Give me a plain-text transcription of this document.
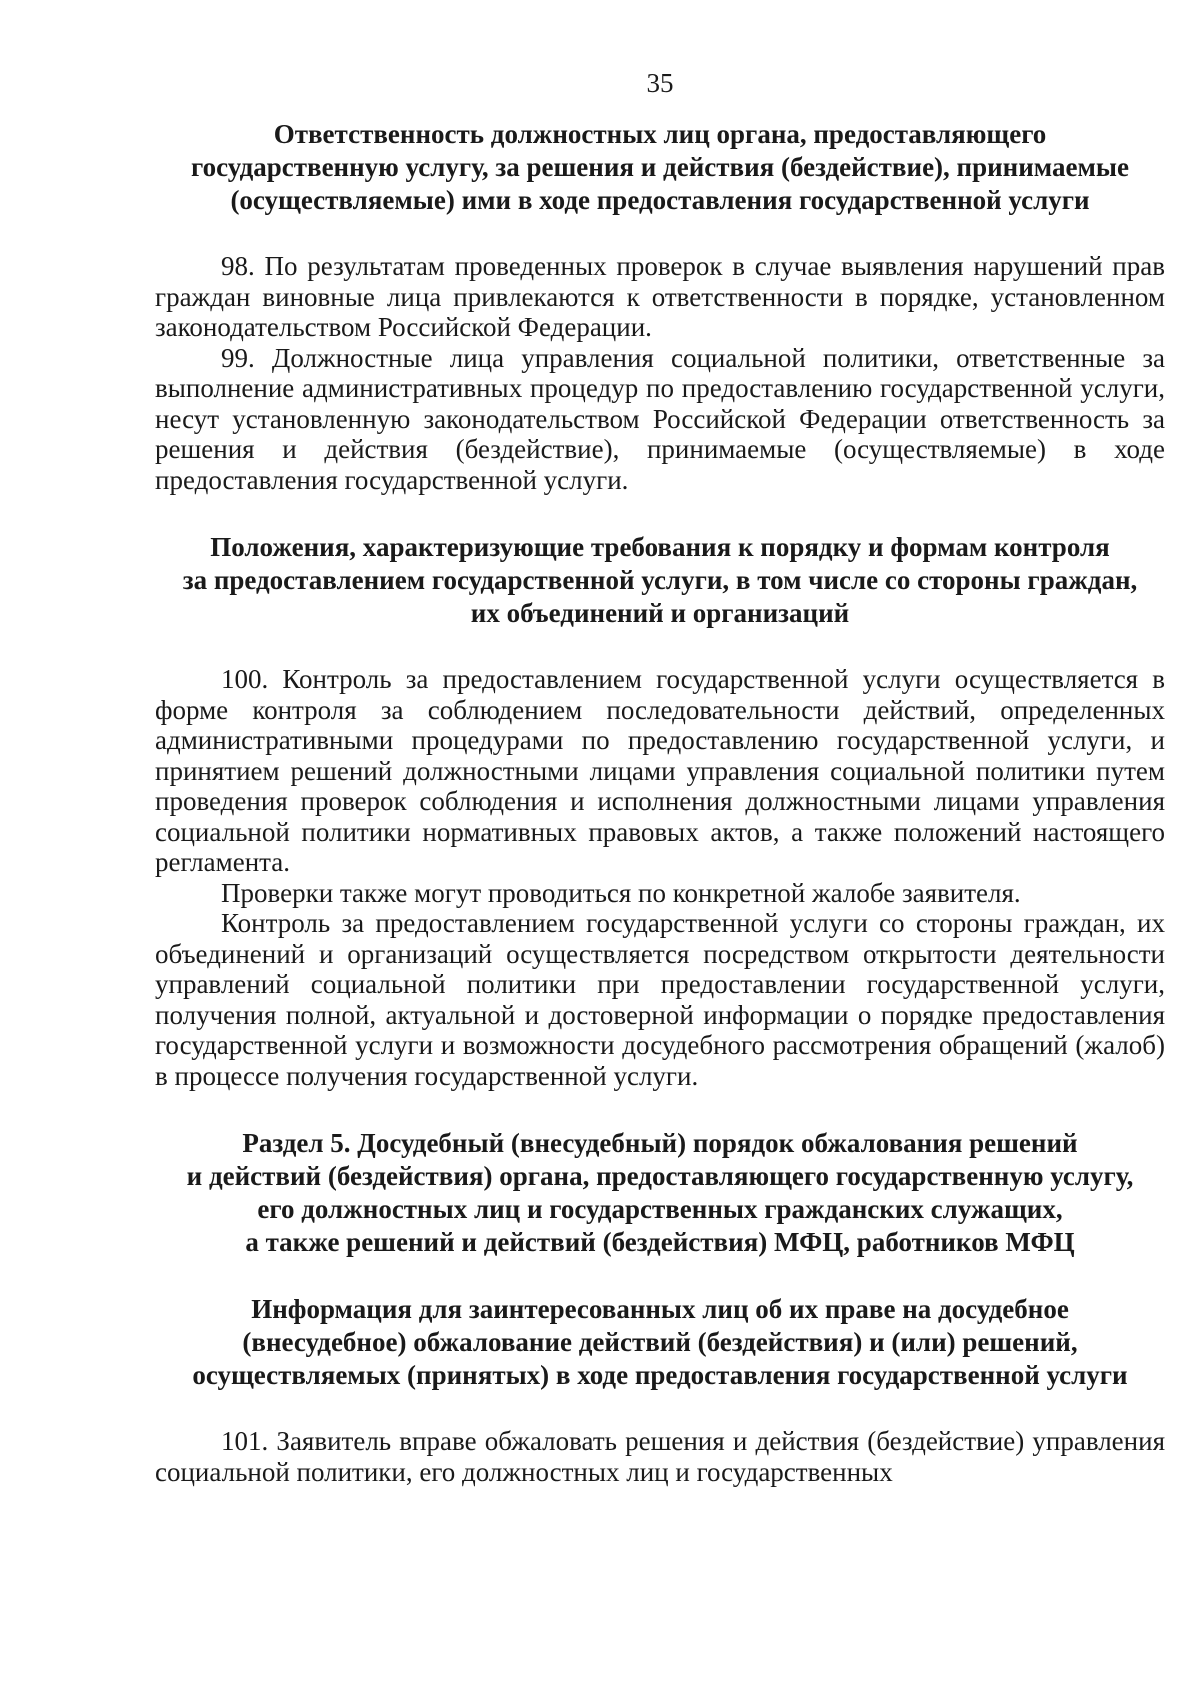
35
Ответственность должностных лиц органа, предоставляющего
государственную услугу, за решения и действия (бездействие), принимаемые
(осуществляемые) ими в ходе предоставления государственной услуги

98. По результатам проведенных проверок в случае выявления нарушений прав граждан виновные лица привлекаются к ответственности в порядке, установленном законодательством Российской Федерации.

99. Должностные лица управления социальной политики, ответственные за выполнение административных процедур по предоставлению государственной услуги, несут установленную законодательством Российской Федерации ответственность за решения и действия (бездействие), принимаемые (осуществляемые) в ходе предоставления государственной услуги.

Положения, характеризующие требования к порядку и формам контроля
за предоставлением государственной услуги, в том числе со стороны граждан,
их объединений и организаций

100. Контроль за предоставлением государственной услуги осуществляется в форме контроля за соблюдением последовательности действий, определенных административными процедурами по предоставлению государственной услуги, и принятием решений должностными лицами управления социальной политики путем проведения проверок соблюдения и исполнения должностными лицами управления социальной политики нормативных правовых актов, а также положений настоящего регламента.

Проверки также могут проводиться по конкретной жалобе заявителя.

Контроль за предоставлением государственной услуги со стороны граждан, их объединений и организаций осуществляется посредством открытости деятельности управлений социальной политики при предоставлении государственной услуги, получения полной, актуальной и достоверной информации о порядке предоставления государственной услуги и возможности досудебного рассмотрения обращений (жалоб) в процессе получения государственной услуги.

Раздел 5. Досудебный (внесудебный) порядок обжалования решений
и действий (бездействия) органа, предоставляющего государственную услугу,
его должностных лиц и государственных гражданских служащих,
а также решений и действий (бездействия) МФЦ, работников МФЦ
Информация для заинтересованных лиц об их праве на досудебное
(внесудебное) обжалование действий (бездействия) и (или) решений,
осуществляемых (принятых) в ходе предоставления государственной услуги

101. Заявитель вправе обжаловать решения и действия (бездействие) управления социальной политики, его должностных лиц и государственных
